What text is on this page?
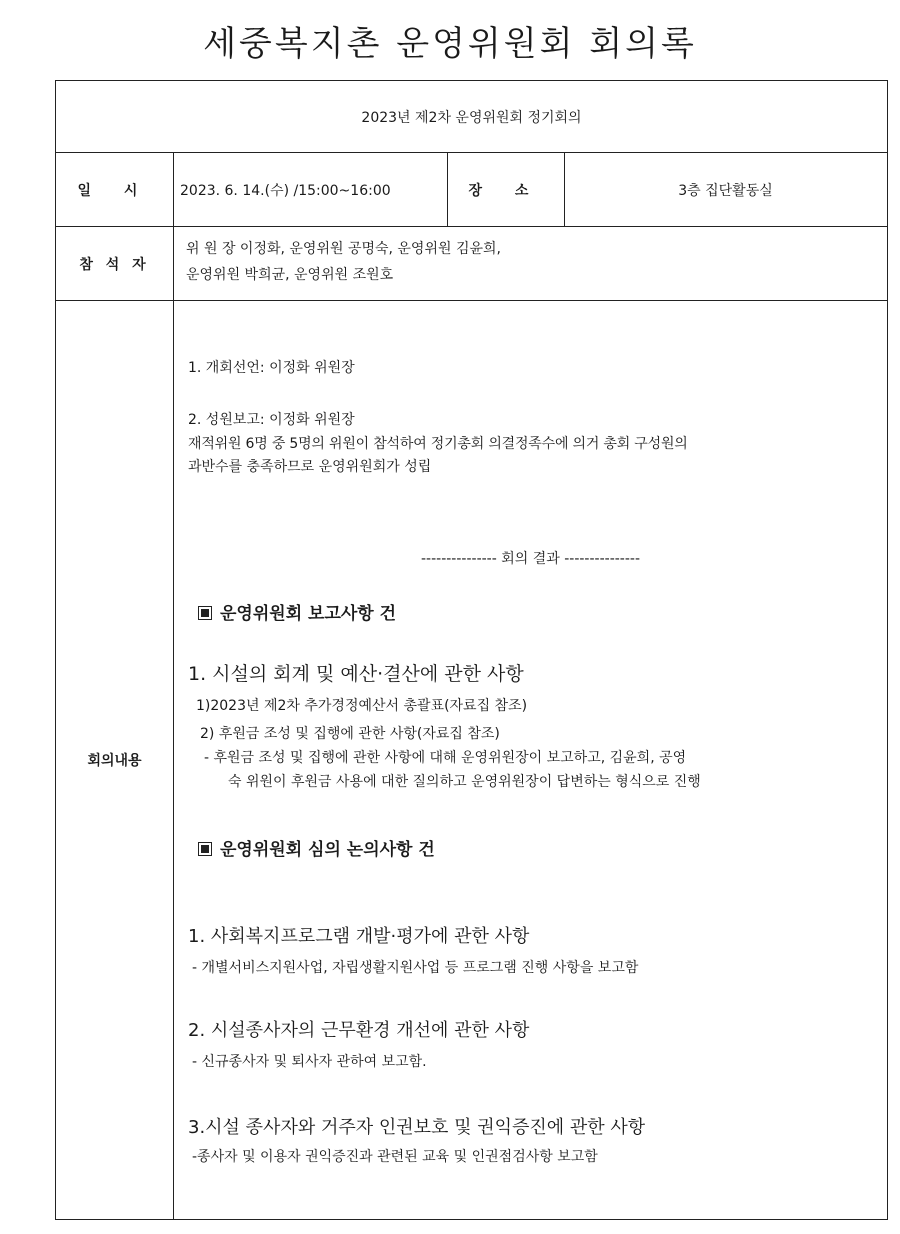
세중복지촌 운영위원회 회의록
2023년 제2차 운영위원회 정기회의
일 시	2023. 6. 14.(수) /15:00~16:00	장 소	3층 집단활동실
참 석 자
위 원 장 이정화, 운영위원 공명숙, 운영위원 김윤희,
운영위원 박희균, 운영위원 조원호
회의내용

1. 개회선언: 이정화 위원장

2. 성원보고: 이정화 위원장

재적위원 6명 중 5명의 위원이 참석하여 정기총회 의결정족수에 의거 총회 구성원의

과반수를 충족하므로 운영위원회가 성립

--------------- 회의 결과 ---------------

운영위원회 보고사항 건

1. 시설의 회계 및 예산·결산에 관한 사항

1)2023년 제2차 추가경정예산서 총괄표(자료집 참조)

2) 후원금 조성 및 집행에 관한 사항(자료집 참조)

- 후원금 조성 및 집행에 관한 사항에 대해 운영위원장이 보고하고, 김윤희, 공영

숙 위원이 후원금 사용에 대한 질의하고 운영위원장이 답변하는 형식으로 진행

운영위원회 심의 논의사항 건

1. 사회복지프로그램 개발·평가에 관한 사항

- 개별서비스지원사업, 자립생활지원사업 등 프로그램 진행 사항을 보고함

2. 시설종사자의 근무환경 개선에 관한 사항

- 신규종사자 및 퇴사자 관하여 보고함.

3.시설 종사자와 거주자 인권보호 및 권익증진에 관한 사항

-종사자 및 이용자 권익증진과 관련된 교육 및 인권점검사항 보고함
